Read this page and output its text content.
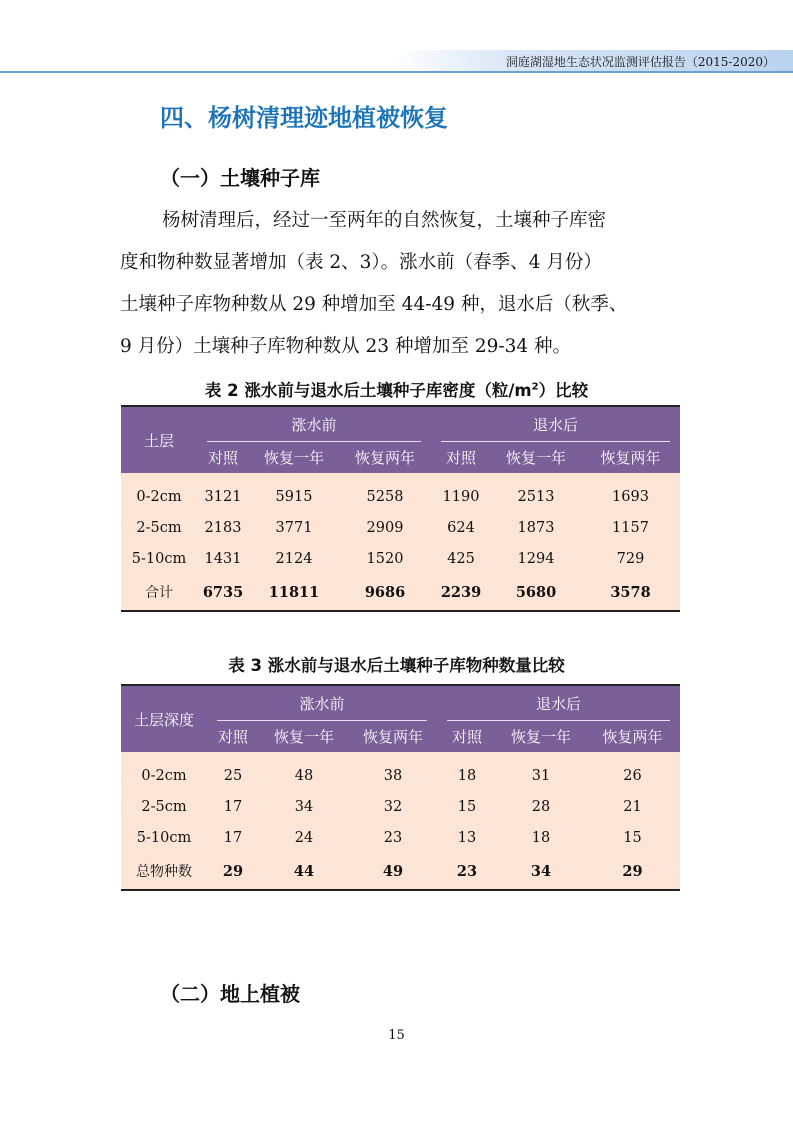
洞庭湖湿地生态状况监测评估报告（2015-2020）
四、杨树清理迹地植被恢复
（一）土壤种子库
杨树清理后，经过一至两年的自然恢复，土壤种子库密
度和物种数显著增加（表 2、3）。涨水前（春季、4 月份）
土壤种子库物种数从 29 种增加至 44-49 种，退水后（秋季、
9 月份）土壤种子库物种数从 23 种增加至 29-34 种。
表 2 涨水前与退水后土壤种子库密度（粒$/m^2$）比较
土层	涨水前			退水后		

	对照	恢复一年	恢复两年	对照	恢复一年	恢复两年
0-2cm	3121	5915	5258	1190	2513	1693
2-5cm	2183	3771	2909	624	1873	1157
5-10cm	1431	2124	1520	425	1294	729
合计	6735	11811	9686	2239	5680	3578
表 3 涨水前与退水后土壤种子库物种数量比较
土层深度	涨水前			退水后		

	对照	恢复一年	恢复两年	对照	恢复一年	恢复两年
0-2cm	25	48	38	18	31	26
2-5cm	17	34	32	15	28	21
5-10cm	17	24	23	13	18	15
总物种数	29	44	49	23	34	29
（二）地上植被
15
